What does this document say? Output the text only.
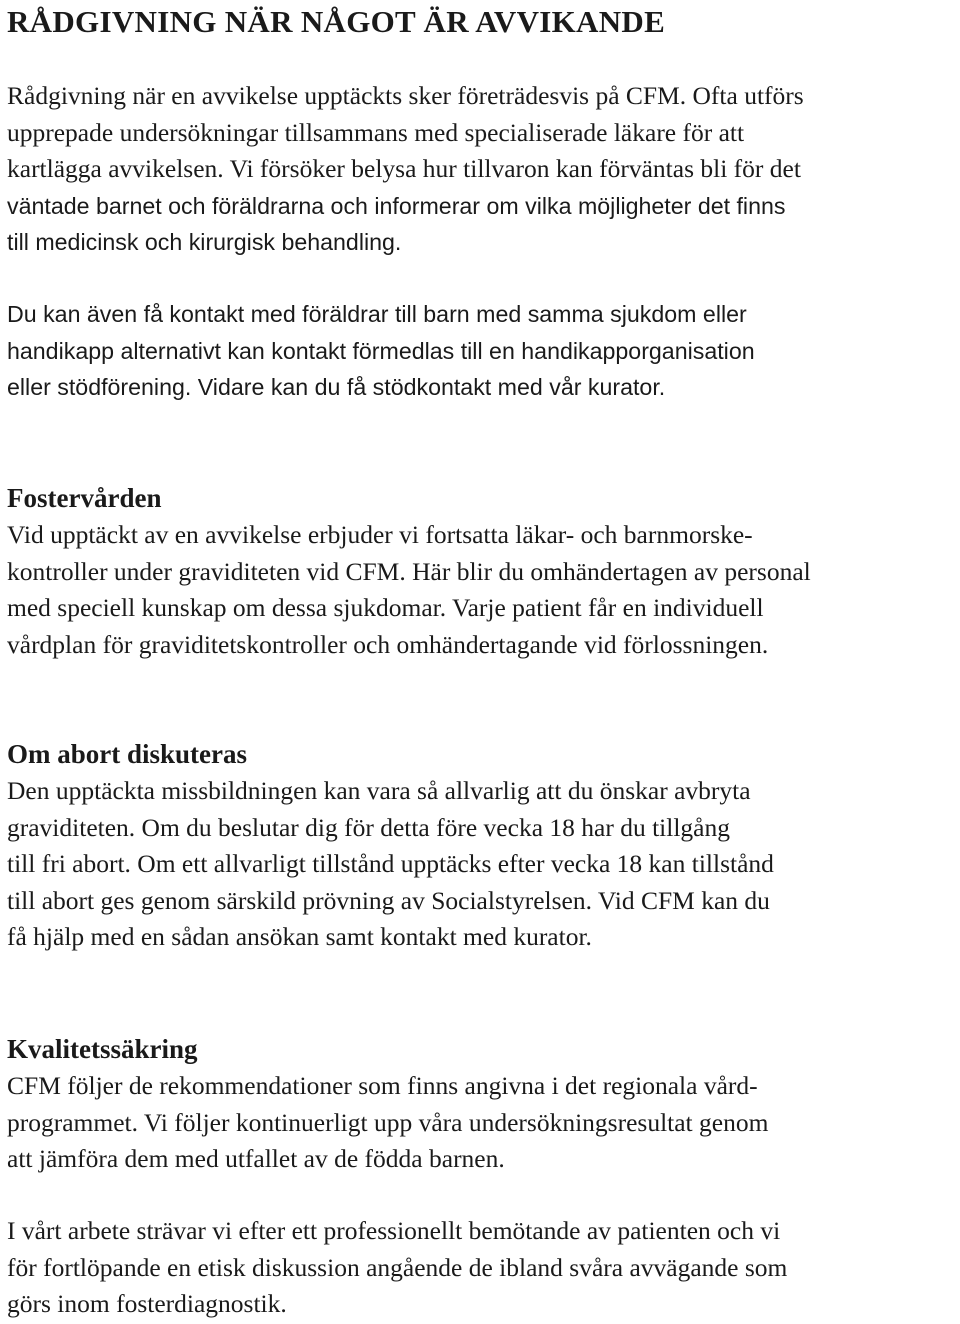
RÅDGIVNING NÄR NÅGOT ÄR AVVIKANDE

Rådgivning när en avvikelse upptäckts sker företrädesvis på CFM. Ofta utförs
upprepade undersökningar tillsammans med specialiserade läkare för att
kartlägga avvikelsen. Vi försöker belysa hur tillvaron kan förväntas bli för det
väntade barnet och föräldrarna och informerar om vilka möjligheter det finns
till medicinsk och kirurgisk behandling.

Du kan även få kontakt med föräldrar till barn med samma sjukdom eller
handikapp alternativt kan kontakt förmedlas till en handikapporganisation
eller stödförening. Vidare kan du få stödkontakt med vår kurator.

Fostervården

Vid upptäckt av en avvikelse erbjuder vi fortsatta läkar- och barnmorske-
kontroller under graviditeten vid CFM. Här blir du omhändertagen av personal
med speciell kunskap om dessa sjukdomar. Varje patient får en individuell
vårdplan för graviditetskontroller och omhändertagande vid förlossningen.

Om abort diskuteras

Den upptäckta missbildningen kan vara så allvarlig att du önskar avbryta
graviditeten. Om du beslutar dig för detta före vecka 18 har du tillgång
till fri abort. Om ett allvarligt tillstånd upptäcks efter vecka 18 kan tillstånd
till abort ges genom särskild prövning av Socialstyrelsen. Vid CFM kan du
få hjälp med en sådan ansökan samt kontakt med kurator.

Kvalitetssäkring

CFM följer de rekommendationer som finns angivna i det regionala vård-
programmet. Vi följer kontinuerligt upp våra undersökningsresultat genom
att jämföra dem med utfallet av de födda barnen.

I vårt arbete strävar vi efter ett professionellt bemötande av patienten och vi
för fortlöpande en etisk diskussion angående de ibland svåra avvägande som
görs inom fosterdiagnostik.
